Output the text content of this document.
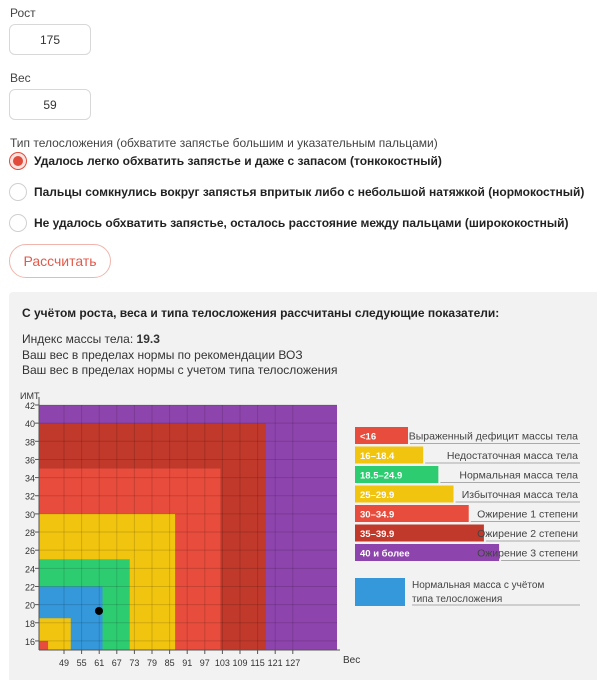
Рост
175
Вес
59
Тип телосложения (обхватите запястье большим и указательным пальцами)
Удалось легко обхватить запястье и даже с запасом (тонкокостный)
Пальцы сомкнулись вокруг запястья впритык либо с небольшой натяжкой (нормокостный)
Не удалось обхватить запястье, осталось расстояние между пальцами (ширококостный)
Рассчитать
С учётом роста, веса и типа телосложения рассчитаны следующие показатели:
Индекс массы тела: 19.3
Ваш вес в пределах нормы по рекомендации ВОЗ
Ваш вес в пределах нормы с учетом типа телосложения
16
18
20
22
24
26
28
30
32
34
36
38
40
42
49 55 61 67 73 79 85 91 97 103 109 115 121 127
ИМТ
Вес
<16	Выраженный дефицит массы тела
16–18.4	Недостаточная масса тела
18.5–24.9	Нормальная масса тела
25–29.9	Избыточная масса тела
30–34.9	Ожирение 1 степени
35–39.9	Ожирение 2 степени
40 и более	Ожирение 3 степени
Нормальная масса с учётом
типа телосложения
